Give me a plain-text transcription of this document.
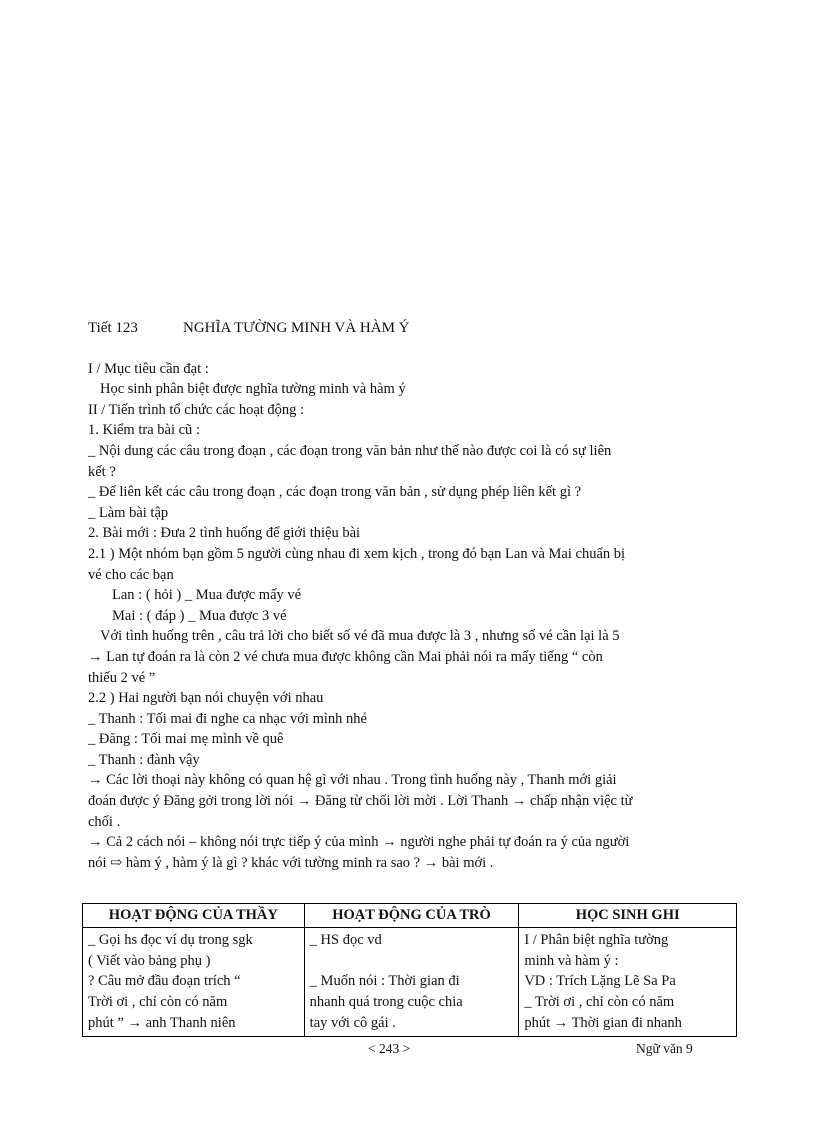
Tiết 123	NGHĨA TƯỜNG MINH VÀ HÀM Ý
I / Mục tiêu cần đạt :
Học sinh phân biệt được nghĩa tường minh và hàm ý
II / Tiến trình tổ chức các hoạt động :
1. Kiểm tra bài cũ :
_ Nội dung các câu trong đoạn , các đoạn trong văn bản như thế nào được coi là có sự liên
kết ?
_ Để liên kết các câu trong đoạn , các đoạn trong văn bản , sử dụng phép liên kết gì ?
_ Làm bài tập
2. Bài mới : Đưa 2 tình huống để giới thiệu bài
2.1 ) Một nhóm bạn gồm 5 người cùng nhau đi xem kịch , trong đó bạn Lan và Mai chuẩn bị
vé cho các bạn
Lan : ( hỏi ) _ Mua được mấy vé
Mai : ( đáp ) _ Mua được 3 vé
Với tình huống trên , câu trả lời cho biết số vé đã mua được là 3 , nhưng số vé cần lại là 5
→ Lan tự đoán ra là còn 2 vé chưa mua được không cần Mai phải nói ra mấy tiếng “ còn
thiếu 2 vé ”
2.2 ) Hai người bạn nói chuyện với nhau
_ Thanh : Tối mai đi nghe ca nhạc với mình nhé
_ Đăng : Tối mai mẹ mình về quê
_ Thanh : đành vậy
→ Các lời thoại này không có quan hệ gì với nhau . Trong tình huống này , Thanh mới giải
đoán được ý Đăng gởi trong lời nói → Đăng từ chối lời mời . Lời Thanh → chấp nhận việc từ
chối .
→ Cả 2 cách nói – không nói trực tiếp ý của mình → người nghe phải tự đoán ra ý của người
nói ⇨ hàm ý , hàm ý là gì ? khác với tường minh ra sao ? → bài mới .
HOẠT ĐỘNG CỦA THẦY	HOẠT ĐỘNG CỦA TRÒ	HỌC SINH GHI

_ Gọi hs đọc ví dụ trong sgk
( Viết vào bảng phụ )
? Câu mở đầu đoạn trích “
Trời ơi , chỉ còn có năm
phút ” → anh Thanh niên	_ HS đọc vd

_ Muốn nói : Thời gian đi
nhanh quá trong cuộc chia
tay với cô gái .	I / Phân biệt nghĩa tường
minh và hàm ý :
VD : Trích Lặng Lẽ Sa Pa
_ Trời ơi , chỉ còn có năm
phút → Thời gian đi nhanh
< 243 >	Ngữ văn 9
